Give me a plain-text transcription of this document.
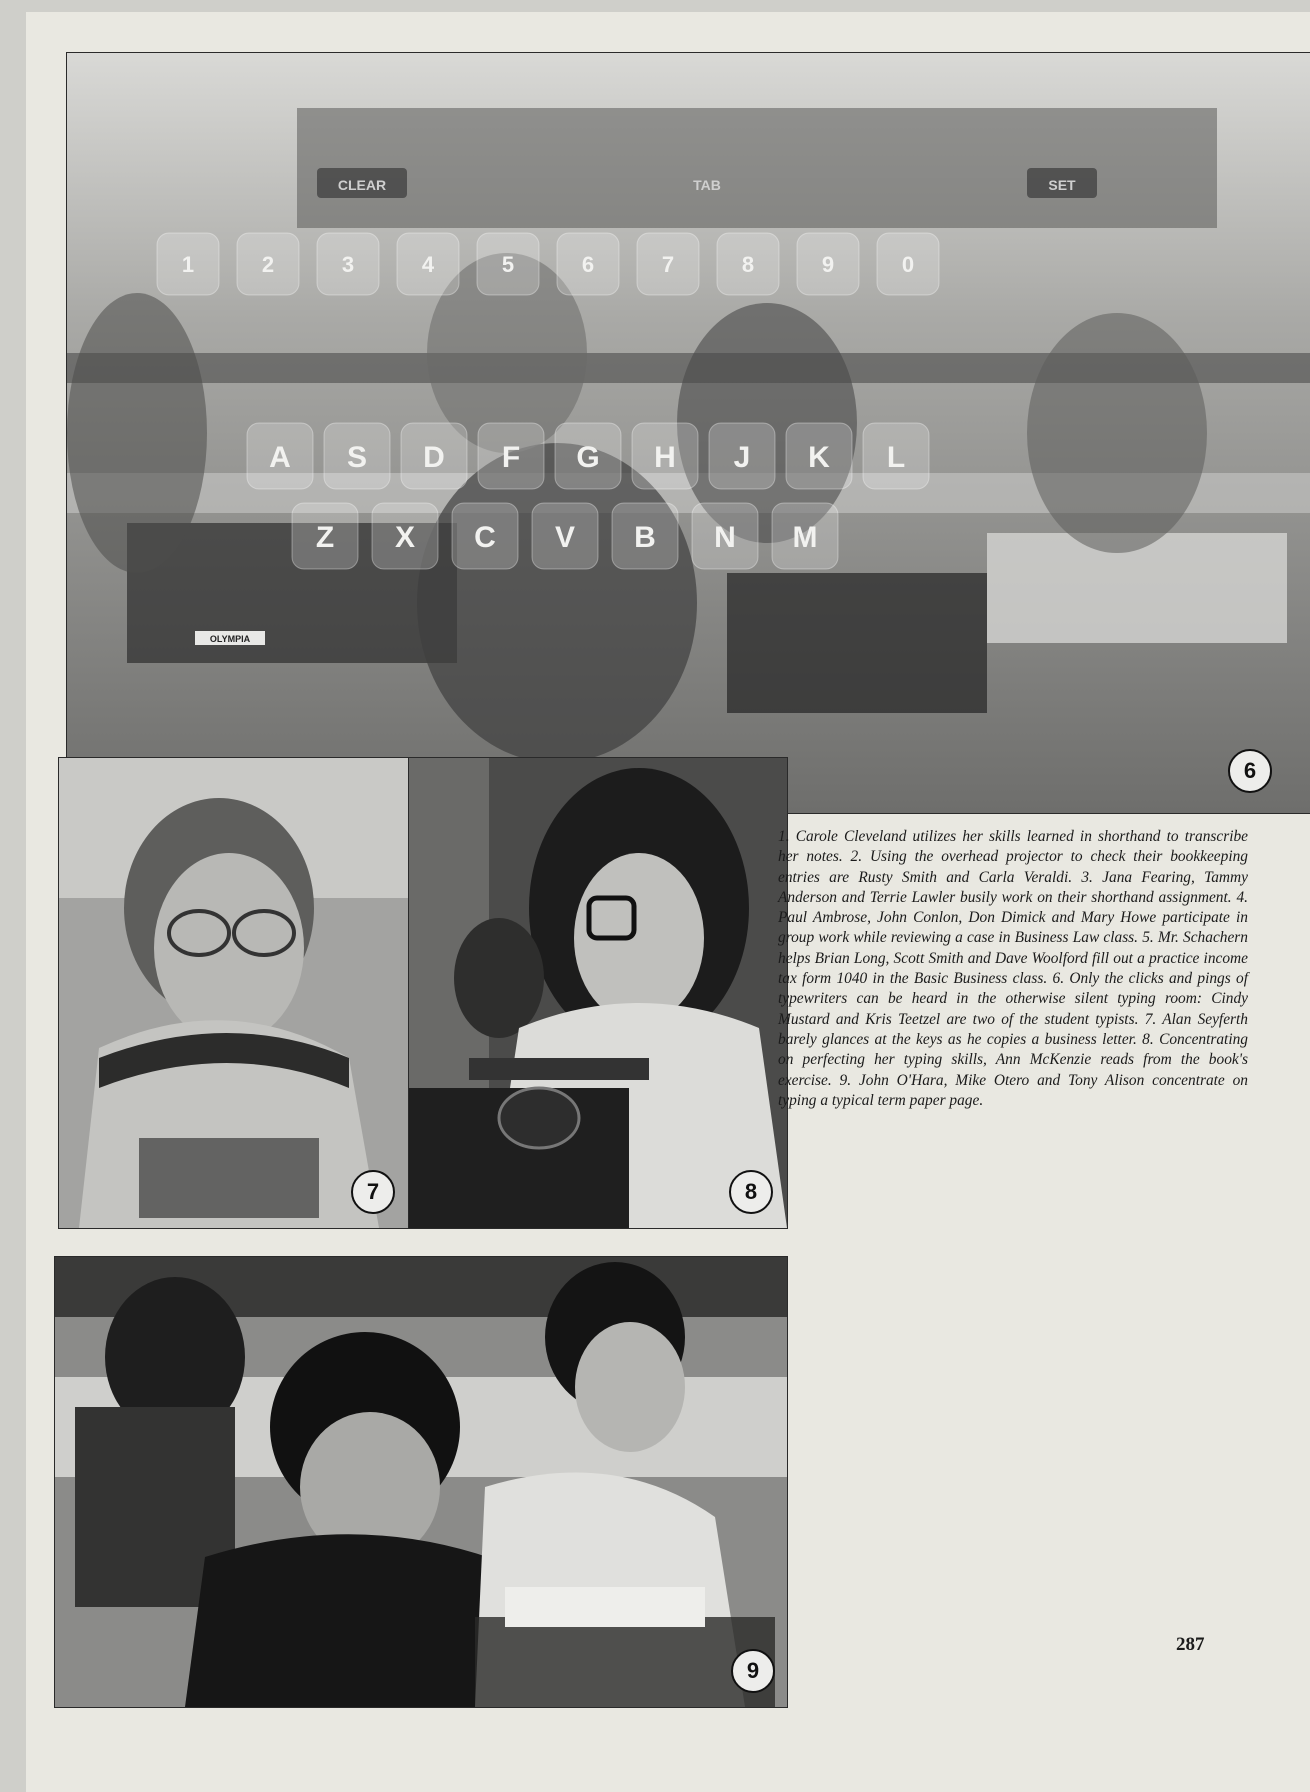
CLEAR	TAB	SET
1	2	3	4	5	6	7	8	9	0
A S D F G H J K L
Z X C V B N M
OLYMPIA
6
7	8
9

1. Carole Cleveland utilizes her skills learned in shorthand to transcribe her notes. 2. Using the overhead projector to check their bookkeeping entries are Rusty Smith and Carla Veraldi. 3. Jana Fearing, Tammy Anderson and Terrie Lawler busily work on their shorthand assignment. 4. Paul Ambrose, John Conlon, Don Dimick and Mary Howe participate in group work while reviewing a case in Business Law class. 5. Mr. Schachern helps Brian Long, Scott Smith and Dave Woolford fill out a practice income tax form 1040 in the Basic Business class. 6. Only the clicks and pings of typewriters can be heard in the otherwise silent typing room: Cindy Mustard and Kris Teetzel are two of the student typists. 7. Alan Seyferth barely glances at the keys as he copies a business letter. 8. Concentrating on perfecting her typing skills, Ann McKenzie reads from the book's exercise. 9. John O'Hara, Mike Otero and Tony Alison concentrate on typing a typical term paper page.

287
